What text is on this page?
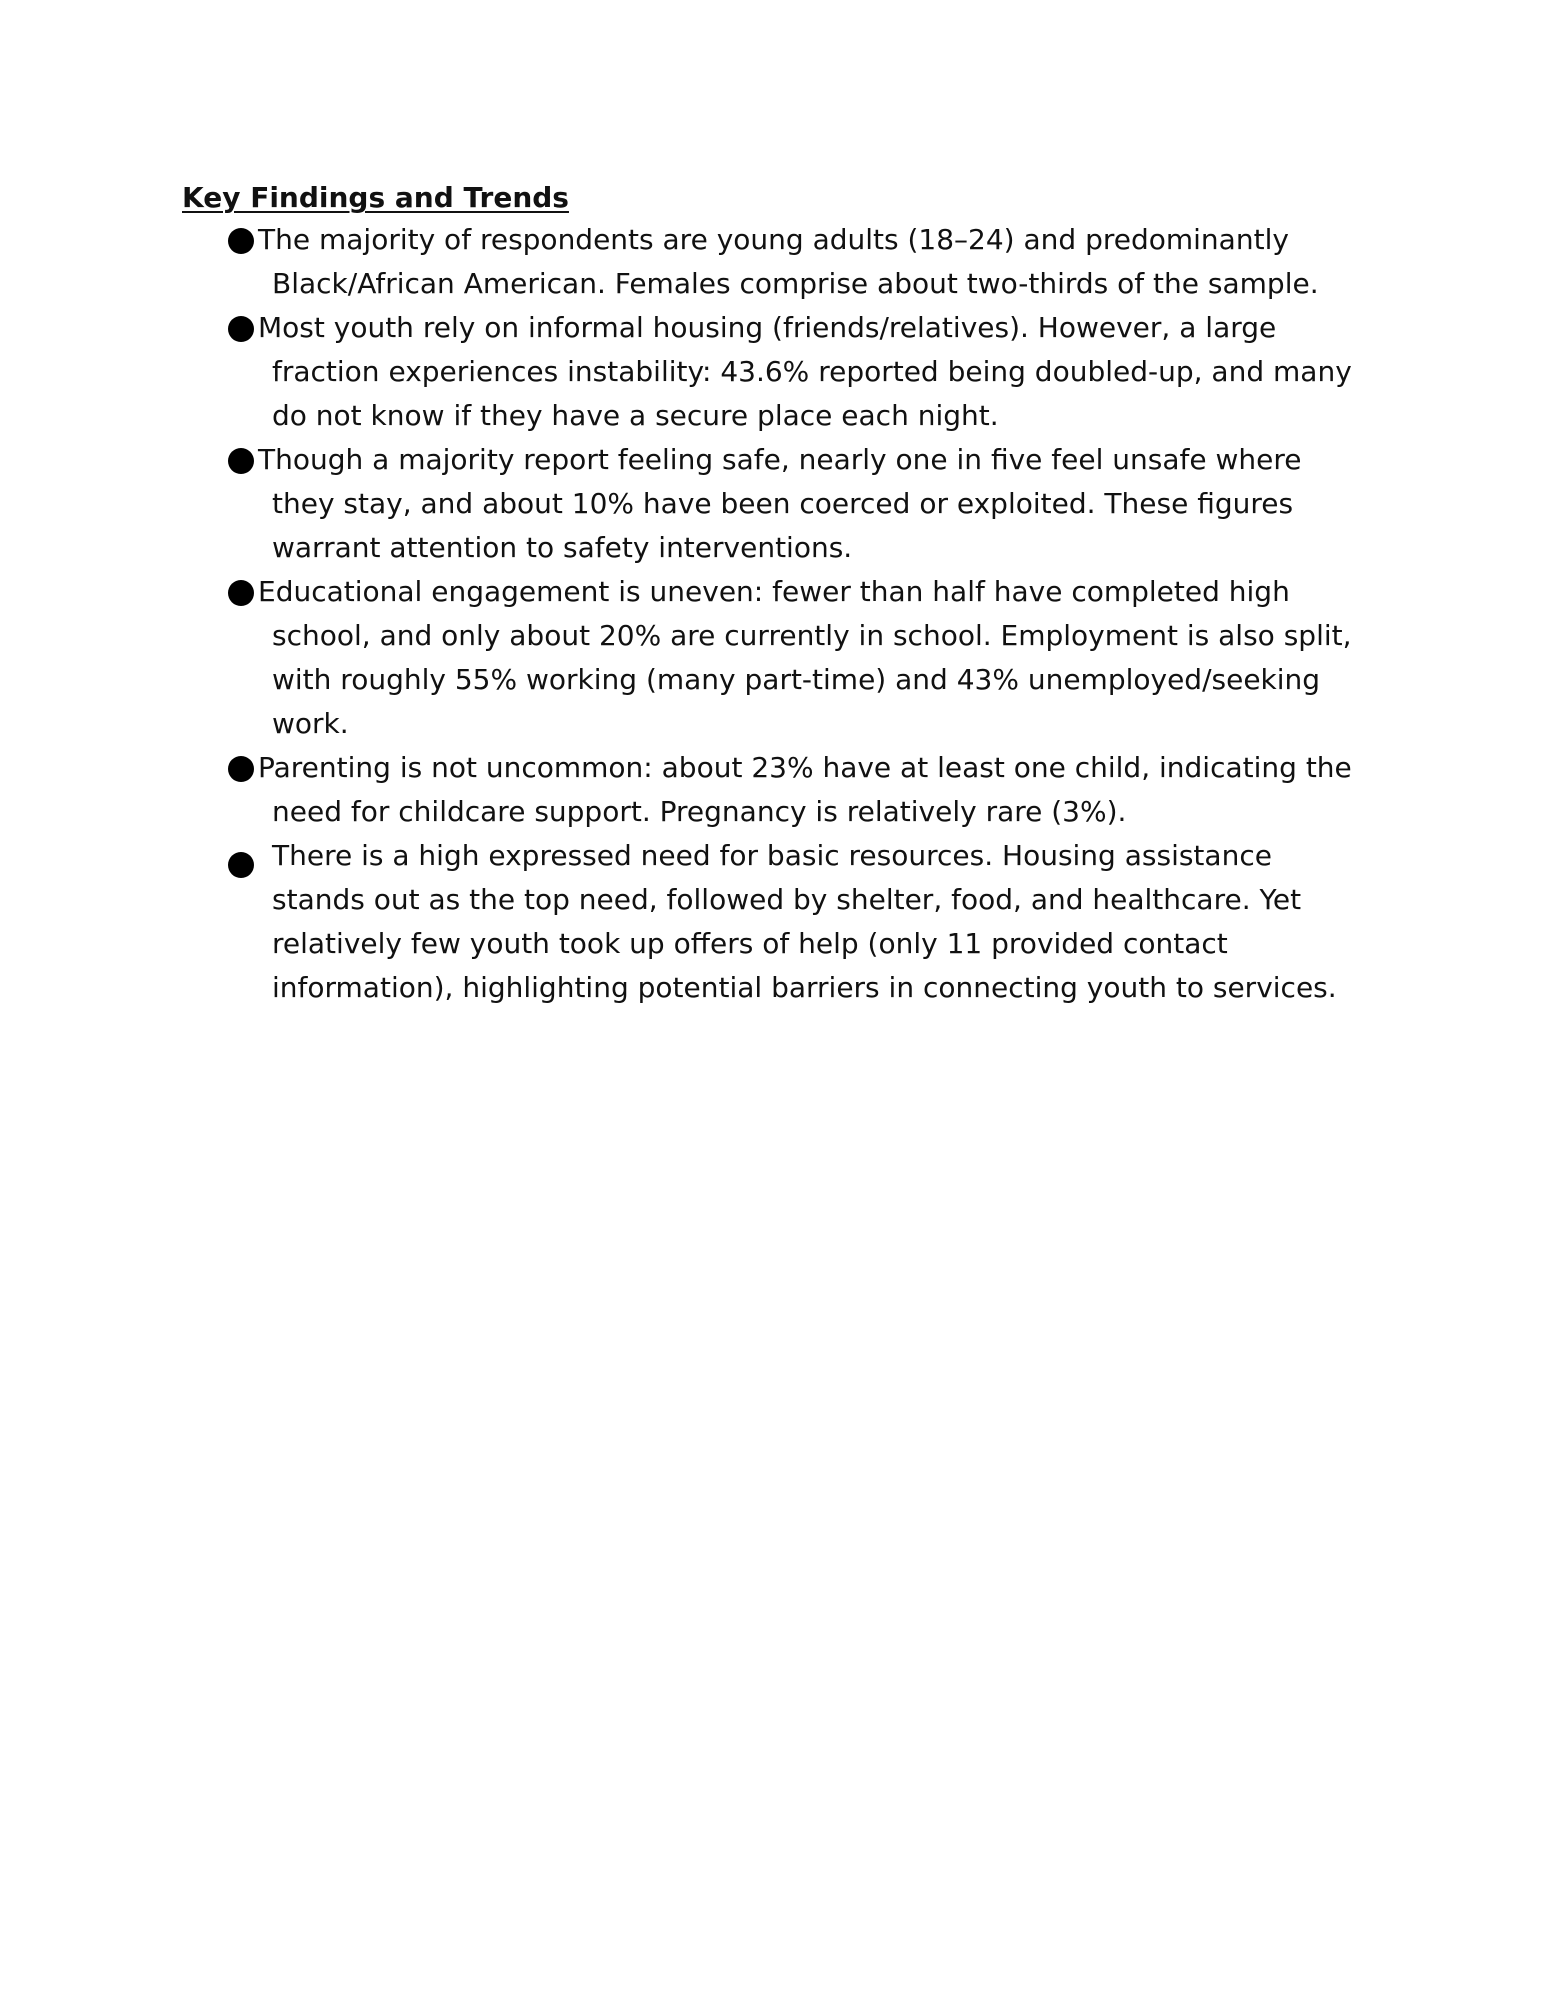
Key Findings and Trends
The majority of respondents are young adults (18–24) and predominantly Black/African American. Females comprise about two-thirds of the sample.
Most youth rely on informal housing (friends/relatives). However, a large fraction experiences instability: 43.6% reported being doubled-up, and many do not know if they have a secure place each night.
Though a majority report feeling safe, nearly one in five feel unsafe where they stay, and about 10% have been coerced or exploited. These figures warrant attention to safety interventions.
Educational engagement is uneven: fewer than half have completed high school, and only about 20% are currently in school. Employment is also split, with roughly 55% working (many part-time) and 43% unemployed/seeking work.
Parenting is not uncommon: about 23% have at least one child, indicating the need for childcare support. Pregnancy is relatively rare (3%).
There is a high expressed need for basic resources. Housing assistance stands out as the top need, followed by shelter, food, and healthcare. Yet relatively few youth took up offers of help (only 11 provided contact information), highlighting potential barriers in connecting youth to services.
